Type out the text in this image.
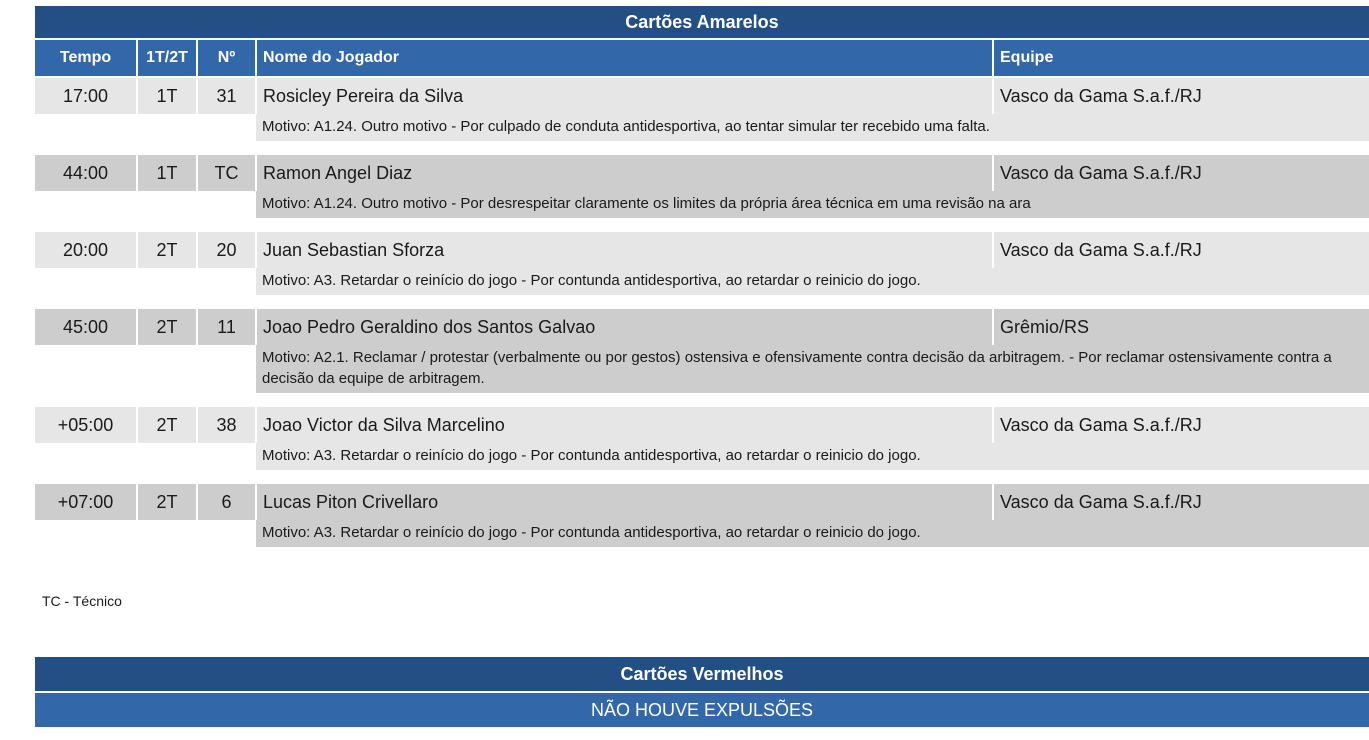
Cartões Amarelos
Tempo	1T/2T	Nº	Nome do Jogador	Equipe
17:00	1T	31	Rosicley Pereira da Silva	Vasco da Gama S.a.f./RJ
Motivo: A1.24. Outro motivo - Por culpado de conduta antidesportiva, ao tentar simular ter recebido uma falta.
44:00	1T	TC	Ramon Angel Diaz	Vasco da Gama S.a.f./RJ
Motivo: A1.24. Outro motivo - Por desrespeitar claramente os limites da própria área técnica em uma revisão na ara
20:00	2T	20	Juan Sebastian Sforza	Vasco da Gama S.a.f./RJ
Motivo: A3. Retardar o reinício do jogo - Por contunda antidesportiva, ao retardar o reinicio do jogo.
45:00	2T	11	Joao Pedro Geraldino dos Santos Galvao	Grêmio/RS
Motivo: A2.1. Reclamar / protestar (verbalmente ou por gestos) ostensiva e ofensivamente contra decisão da arbitragem. - Por reclamar ostensivamente contra a decisão da equipe de arbitragem.
+05:00	2T	38	Joao Victor da Silva Marcelino	Vasco da Gama S.a.f./RJ
Motivo: A3. Retardar o reinício do jogo - Por contunda antidesportiva, ao retardar o reinicio do jogo.
+07:00	2T	6	Lucas Piton Crivellaro	Vasco da Gama S.a.f./RJ
Motivo: A3. Retardar o reinício do jogo - Por contunda antidesportiva, ao retardar o reinicio do jogo.
TC - Técnico
Cartões Vermelhos
NÃO HOUVE EXPULSÕES
